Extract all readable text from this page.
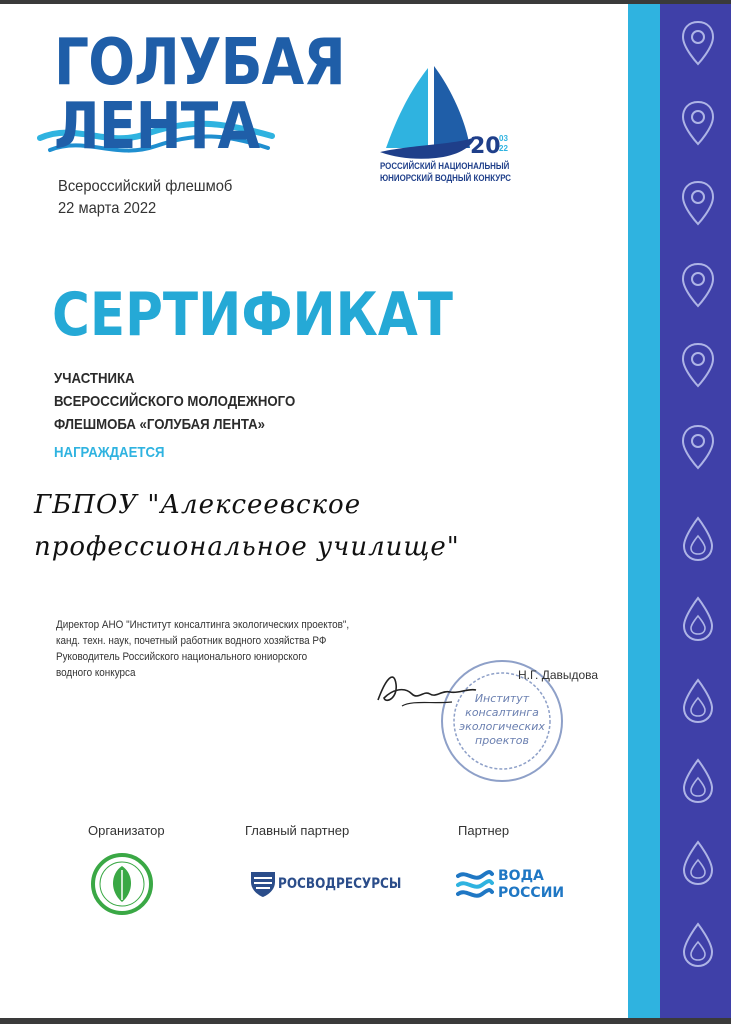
ГОЛУБАЯ
ЛЕНТА
Всероссийский флешмоб
22 марта 2022
20
03
22
РОССИЙСКИЙ НАЦИОНАЛЬНЫЙ
ЮНИОРСКИЙ ВОДНЫЙ КОНКУРС
СЕРТИФИКАТ
УЧАСТНИКА
ВСЕРОССИЙСКОГО МОЛОДЕЖНОГО
ФЛЕШМОБА «ГОЛУБАЯ ЛЕНТА»
НАГРАЖДАЕТСЯ
ГБПОУ "Алексеевское
профессиональное училище"
Директор АНО "Институт консалтинга экологических проектов",
канд. техн. наук, почетный работник водного хозяйства РФ
Руководитель Российского национального юниорского
водного конкурса
Институт
консалтинга
экологических
проектов
Н.Г. Давыдова
Организатор	Главный партнер	Партнер
РОСВОДРЕСУРСЫ	ВОДА
РОССИИ
